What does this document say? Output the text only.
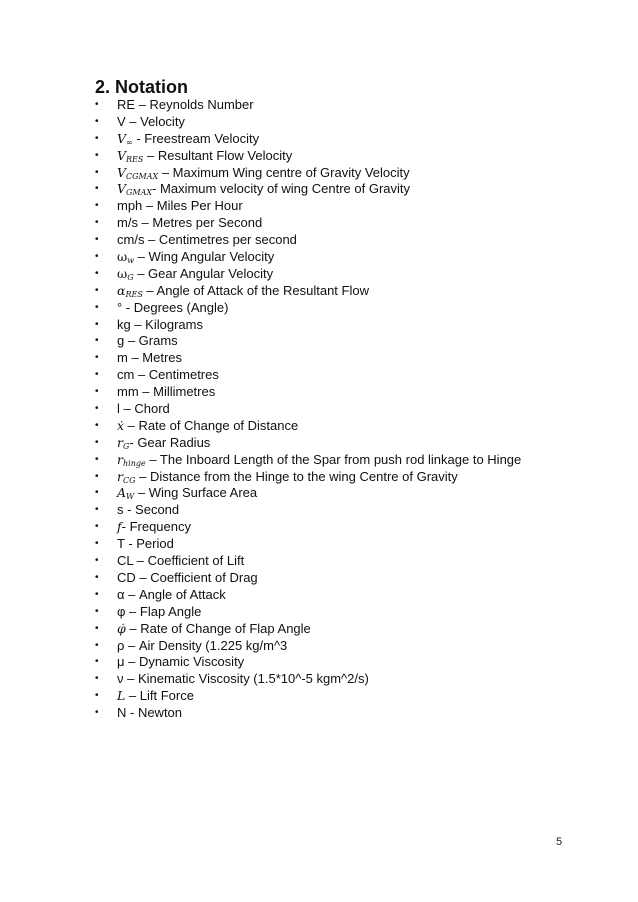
2. Notation
•	RE – Reynolds Number
•	V – Velocity
•	$V_\infty$ - Freestream Velocity
•	$V_{RES}$ – Resultant Flow Velocity
•	$V_{CGMAX}$ – Maximum Wing centre of Gravity Velocity
•	$V_{GMAX}-$ Maximum velocity of wing Centre of Gravity
•	mph – Miles Per Hour
•	m/s – Metres per Second
•	cm/s – Centimetres per second
•	$\omega_w$ – Wing Angular Velocity
•	$\omega_G$ – Gear Angular Velocity
•	$\alpha_{RES}$ – Angle of Attack of the Resultant Flow
•	° - Degrees (Angle)
•	kg – Kilograms
•	g – Grams
•	m – Metres
•	cm – Centimetres
•	mm – Millimetres
•	l – Chord
•	ẋ – Rate of Change of Distance
•	$r_G-$ Gear Radius
•	$r_{hinge}$ – The Inboard Length of the Spar from push rod linkage to Hinge
•	$r_{CG}$ – Distance from the Hinge to the wing Centre of Gravity
•	$A_W$ – Wing Surface Area
•	s - Second
•	f- Frequency
•	T - Period
•	CL – Coefficient of Lift
•	CD – Coefficient of Drag
•	α – Angle of Attack
•	φ – Flap Angle
•	φ̇ – Rate of Change of Flap Angle
•	ρ – Air Density (1.225 kg/m^3
•	μ – Dynamic Viscosity
•	ν – Kinematic Viscosity (1.5*10^-5 kgm^2/s)
•	L – Lift Force
•	N - Newton
5
